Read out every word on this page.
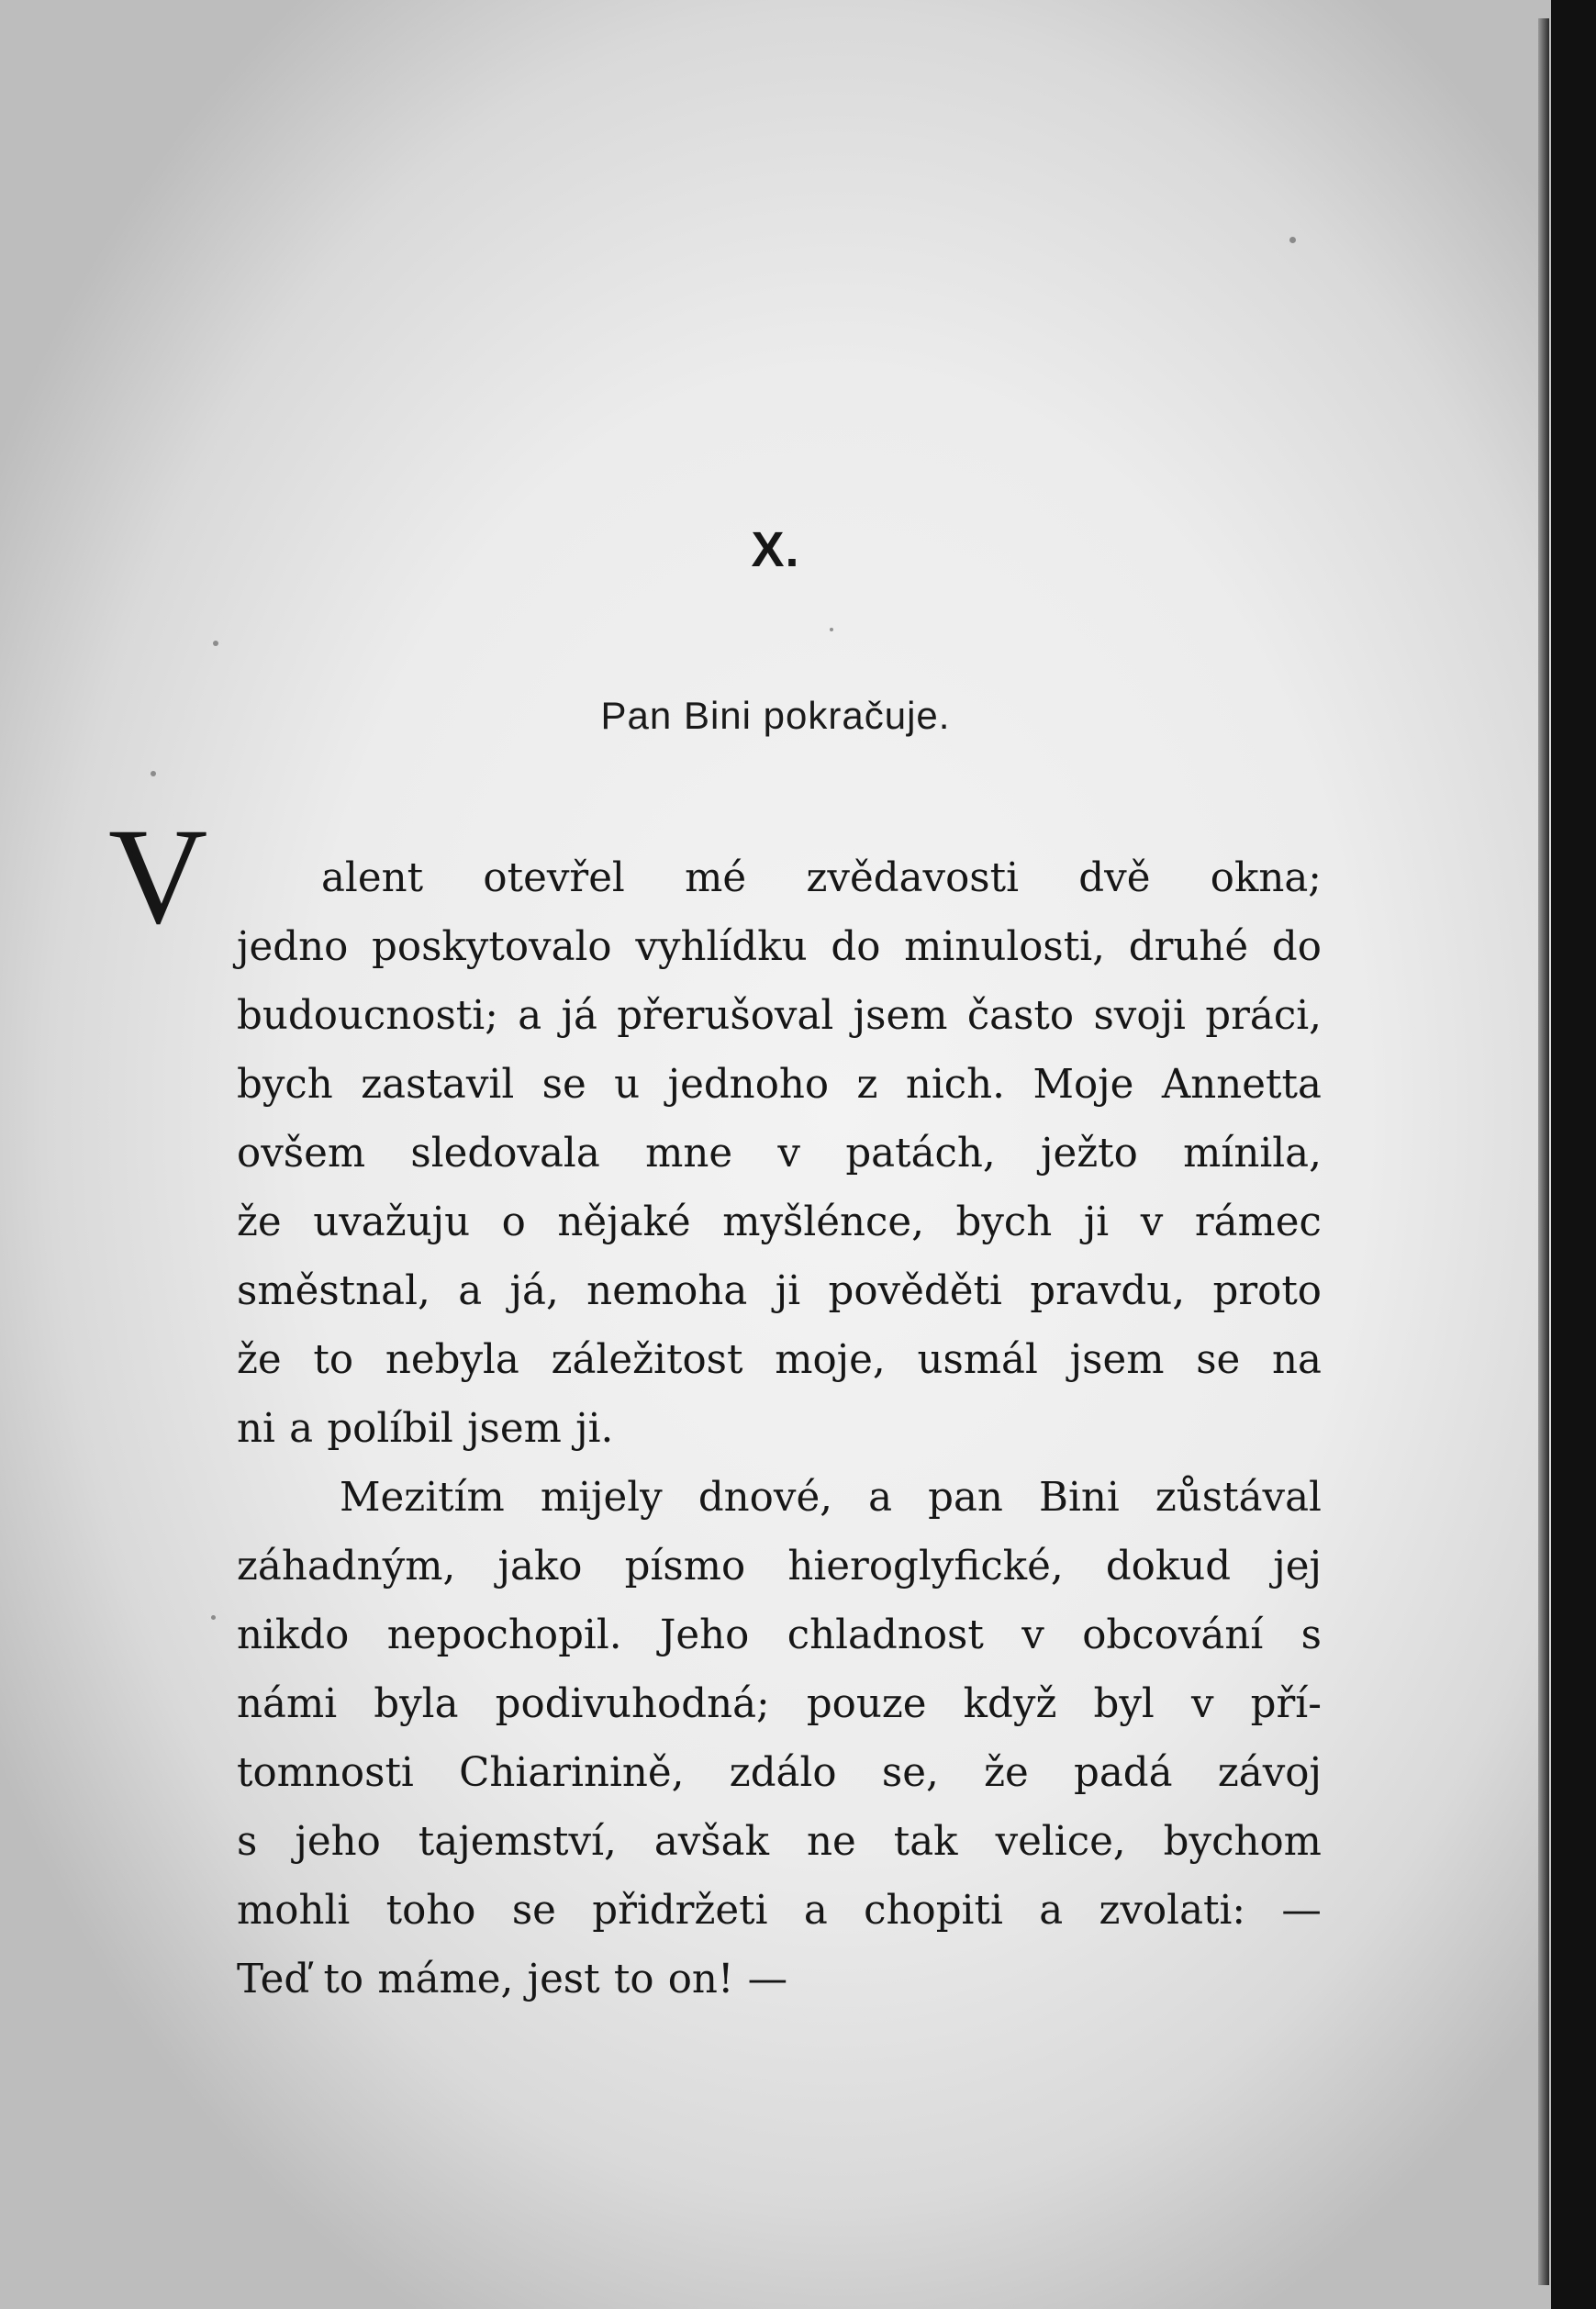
X.
Pan Bini pokračuje.
V	alent otevřel mé zvědavosti dvě okna;
jedno poskytovalo vyhlídku do minulosti, druhé do
budoucnosti; a já přerušoval jsem často svoji práci,
bych zastavil se u jednoho z nich. Moje Annetta
ovšem sledovala mne v patách, ježto mínila,
že uvažuju o nějaké myšlénce, bych ji v rámec
směstnal, a já, nemoha ji pověděti pravdu, proto
že to nebyla záležitost moje, usmál jsem se na
ni a políbil jsem ji.
Mezitím mijely dnové, a pan Bini zůstával
záhadným, jako písmo hieroglyfické, dokud jej
nikdo nepochopil. Jeho chladnost v obcování s
námi byla podivuhodná; pouze když byl v pří-
tomnosti Chiarinině, zdálo se, že padá závoj
s jeho tajemství, avšak ne tak velice, bychom
mohli toho se přidržeti a chopiti a zvolati: —
Teď to máme, jest to on! —
